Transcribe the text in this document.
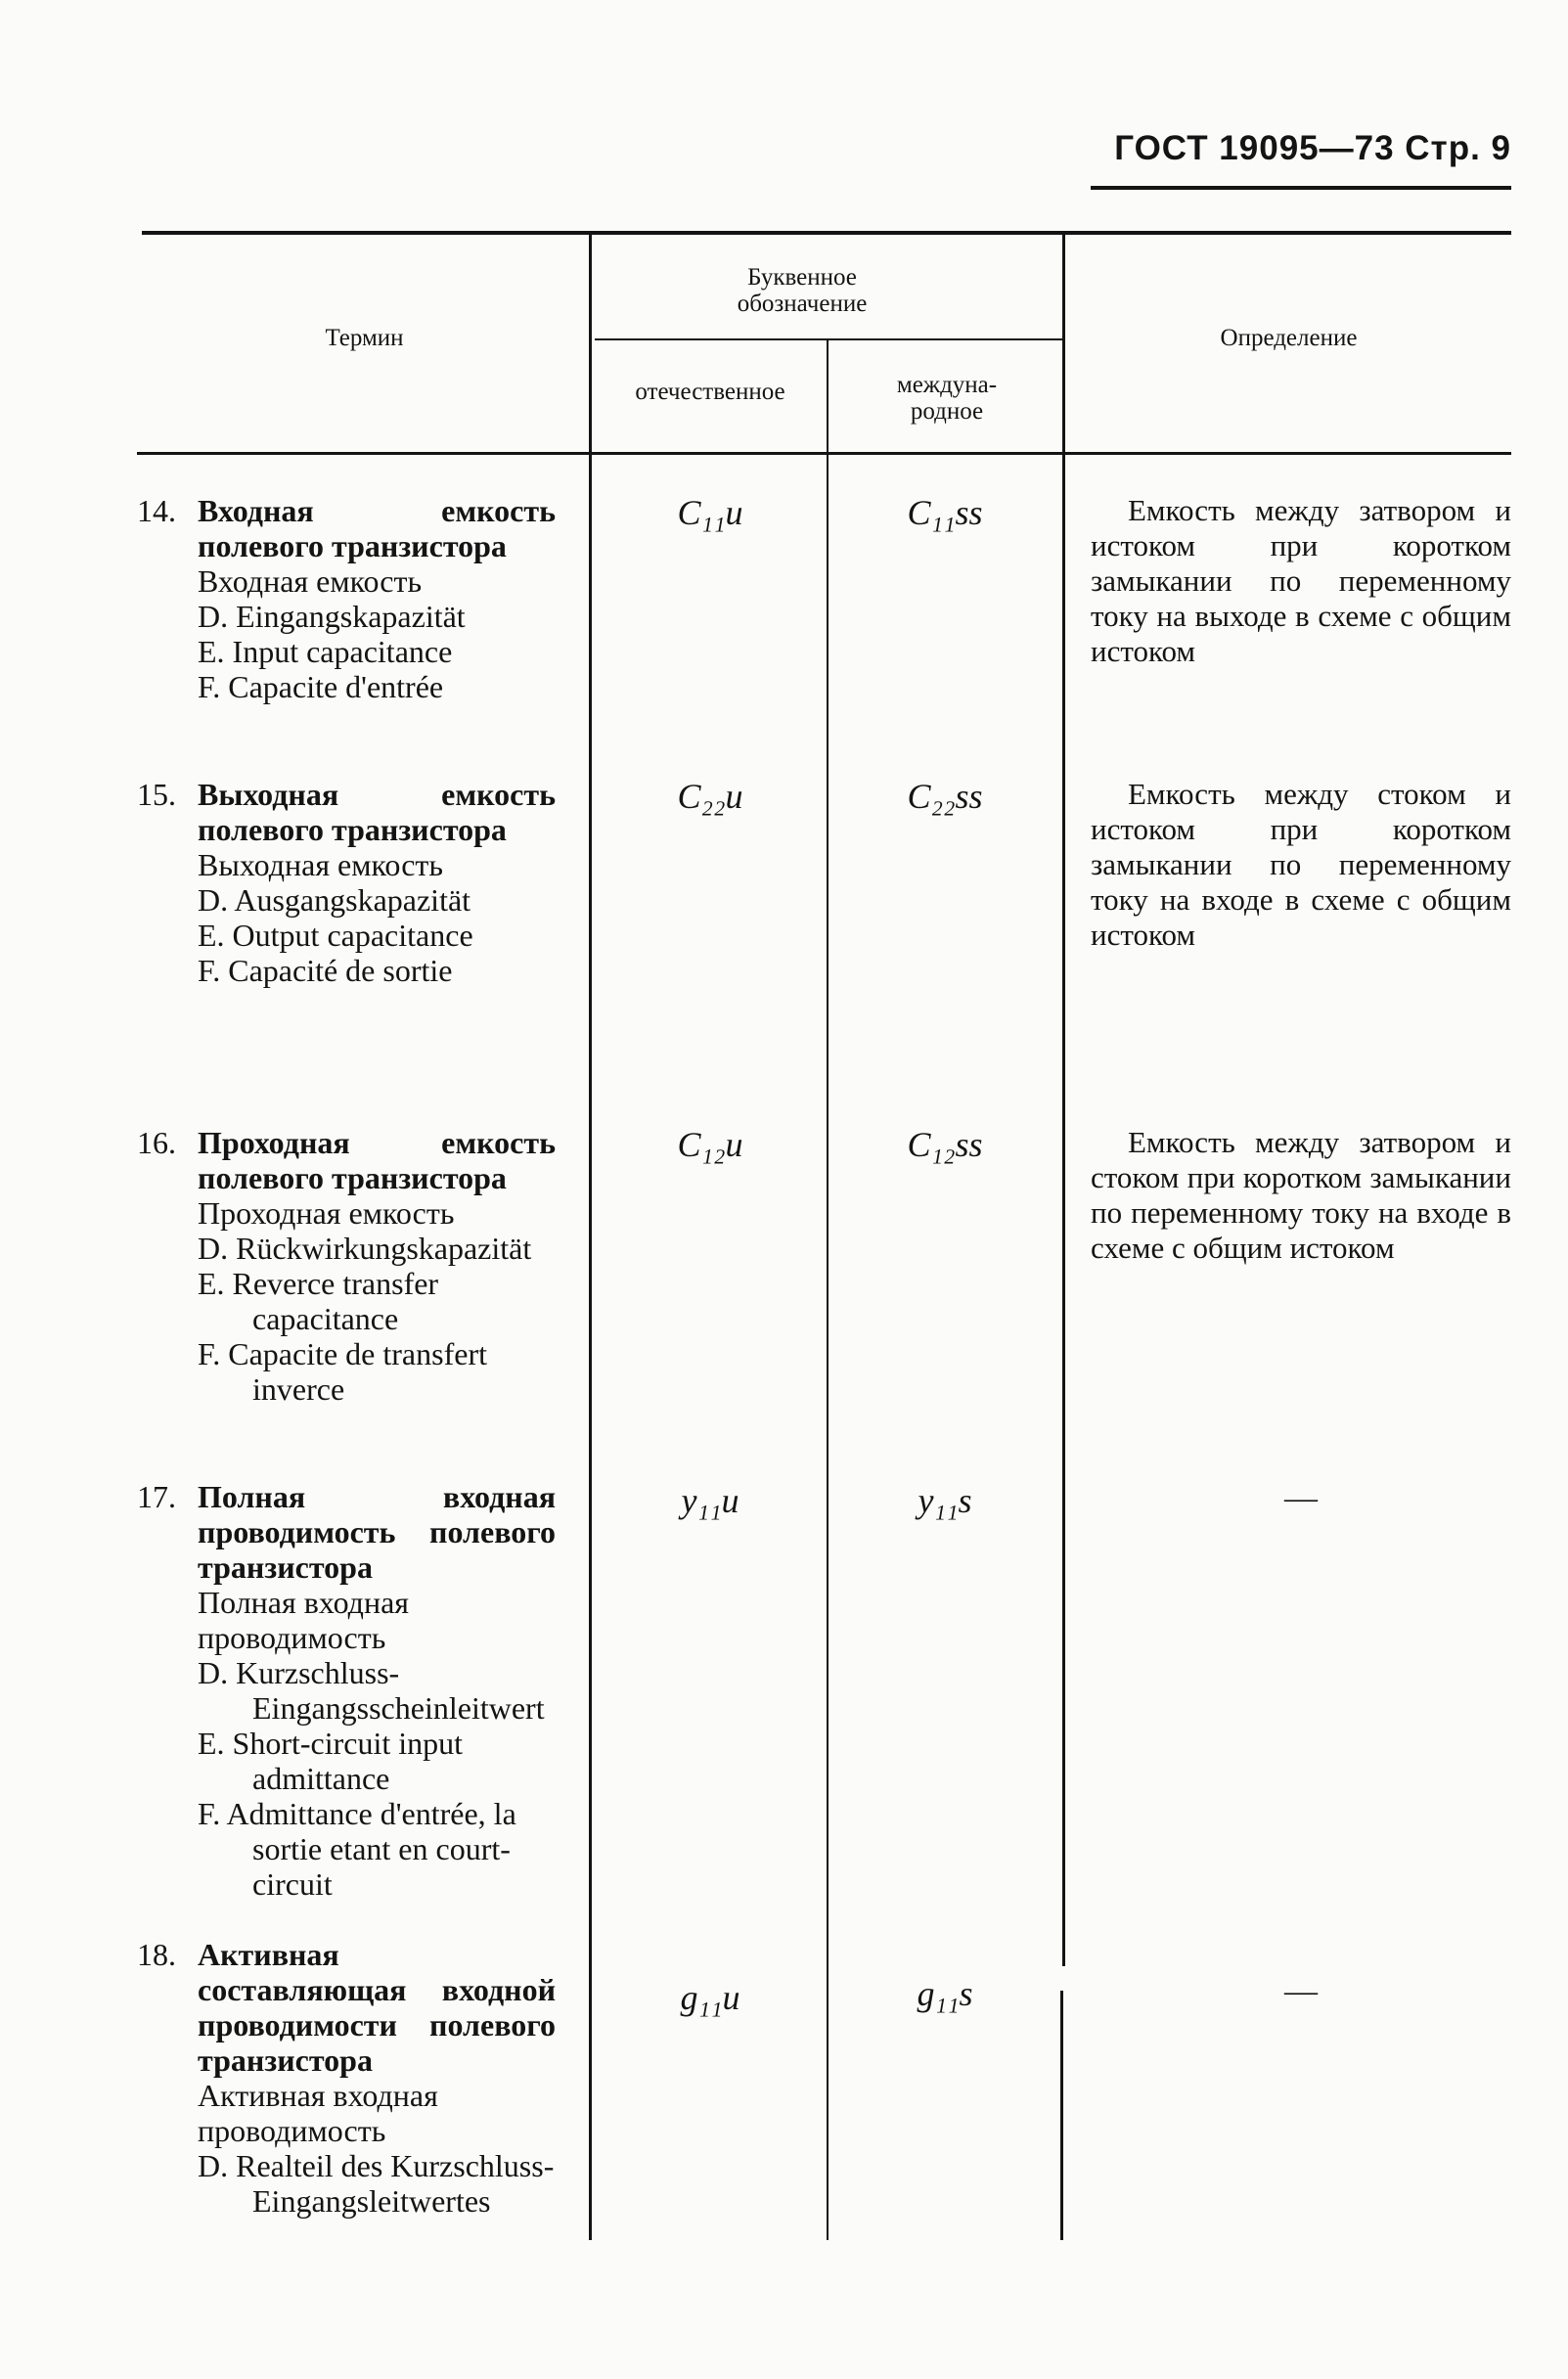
ГОСТ 19095—73 Стр. 9
Термин
Буквенное обозначение
отечественное	междуна-родное
Определение
14. Входная емкость полевого транзистора
Входная емкость
D. Eingangskapazität
E. Input capacitance
F. Capacite d'entrée
C₁₁и	C₁₁ss	Емкость между затвором и истоком при коротком замыкании по переменному току на выходе в схеме с общим истоком
15. Выходная емкость полевого транзистора
Выходная емкость
D. Ausgangskapazität
E. Output capacitance
F. Capacité de sortie
C₂₂и	C₂₂ss	Емкость между стоком и истоком при коротком замыкании по переменному току на входе в схеме с общим истоком
16. Проходная емкость полевого транзистора
Проходная емкость
D. Rückwirkungskapazität
E. Reverce transfer capacitance
F. Capacite de transfert inverce
C₁₂и	C₁₂ss	Емкость между затвором и стоком при коротком замыкании по переменному току на входе в схеме с общим истоком
17. Полная входная проводимость полевого транзистора
Полная входная проводимость
D. Kurzschluss-Eingangsscheinleitwert
E. Short-circuit input admittance
F. Admittance d'entrée, la sortie etant en court-circuit
y₁₁и	y₁₁s	—
18. Активная составляющая входной проводимости полевого транзистора
Активная входная проводимость
D. Realteil des Kurzschluss-Eingangsleitwertes
g₁₁и	g₁₁s	—
